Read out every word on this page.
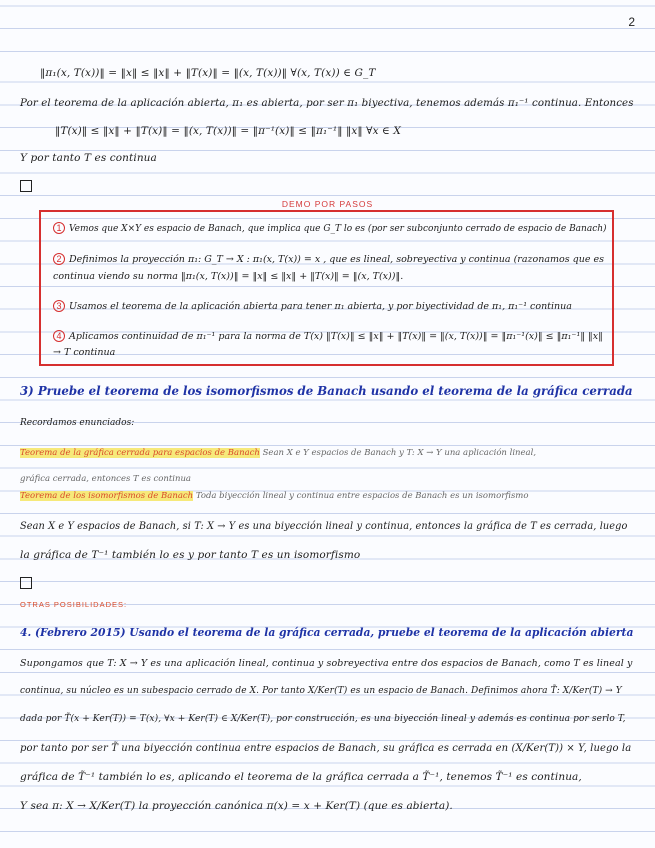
2
‖π₁(x, T(x))‖ = ‖x‖ ≤ ‖x‖ + ‖T(x)‖ = ‖(x, T(x))‖ ∀(x, T(x)) ∈ G_T
Por el teorema de la aplicación abierta, π₁ es abierta, por ser π₁ biyectiva, tenemos además π₁⁻¹ continua. Entonces
‖T(x)‖ ≤ ‖x‖ + ‖T(x)‖ = ‖(x, T(x))‖ = ‖π⁻¹(x)‖ ≤ ‖π₁⁻¹‖ ‖x‖ ∀x ∈ X
Y por tanto T es continua
DEMO POR PASOS
1 Vemos que X×Y es espacio de Banach, que implica que G_T lo es (por ser subconjunto cerrado de espacio de Banach)
2 Definimos la proyección π₁: G_T → X : π₁(x, T(x)) = x , que es lineal, sobreyectiva y continua (razonamos que es
continua viendo su norma ‖π₁(x, T(x))‖ = ‖x‖ ≤ ‖x‖ + ‖T(x)‖ = ‖(x, T(x))‖.
3 Usamos el teorema de la aplicación abierta para tener π₁ abierta, y por biyectividad de π₁, π₁⁻¹ continua
4 Aplicamos continuidad de π₁⁻¹ para la norma de T(x) ‖T(x)‖ ≤ ‖x‖ + ‖T(x)‖ = ‖(x, T(x))‖ = ‖π₁⁻¹(x)‖ ≤ ‖π₁⁻¹‖ ‖x‖
→ T continua
3) Pruebe el teorema de los isomorfismos de Banach usando el teorema de la gráfica cerrada
Recordamos enunciados:
Teorema de la gráfica cerrada para espacios de Banach Sean X e Y espacios de Banach y T: X → Y una aplicación lineal,
gráfica cerrada, entonces T es continua
Teorema de los isomorfismos de Banach Toda biyección lineal y continua entre espacios de Banach es un isomorfismo
Sean X e Y espacios de Banach, si T: X → Y es una biyección lineal y continua, entonces la gráfica de T es cerrada, luego
la gráfica de T⁻¹ también lo es y por tanto T es un isomorfismo
OTRAS POSIBILIDADES:
4. (Febrero 2015) Usando el teorema de la gráfica cerrada, pruebe el teorema de la aplicación abierta
Supongamos que T: X → Y es una aplicación lineal, continua y sobreyectiva entre dos espacios de Banach, como T es lineal y
continua, su núcleo es un subespacio cerrado de X. Por tanto X/Ker(T) es un espacio de Banach. Definimos ahora T̃: X/Ker(T) → Y
dada por T̃(x + Ker(T)) = T(x), ∀x + Ker(T) ∈ X/Ker(T), por construcción, es una biyección lineal y además es continua por serlo T,
por tanto por ser T̃ una biyección continua entre espacios de Banach, su gráfica es cerrada en (X/Ker(T)) × Y, luego la
gráfica de T̃⁻¹ también lo es, aplicando el teorema de la gráfica cerrada a T̃⁻¹, tenemos T̃⁻¹ es continua,
Y sea π: X → X/Ker(T) la proyección canónica π(x) = x + Ker(T) (que es abierta).
